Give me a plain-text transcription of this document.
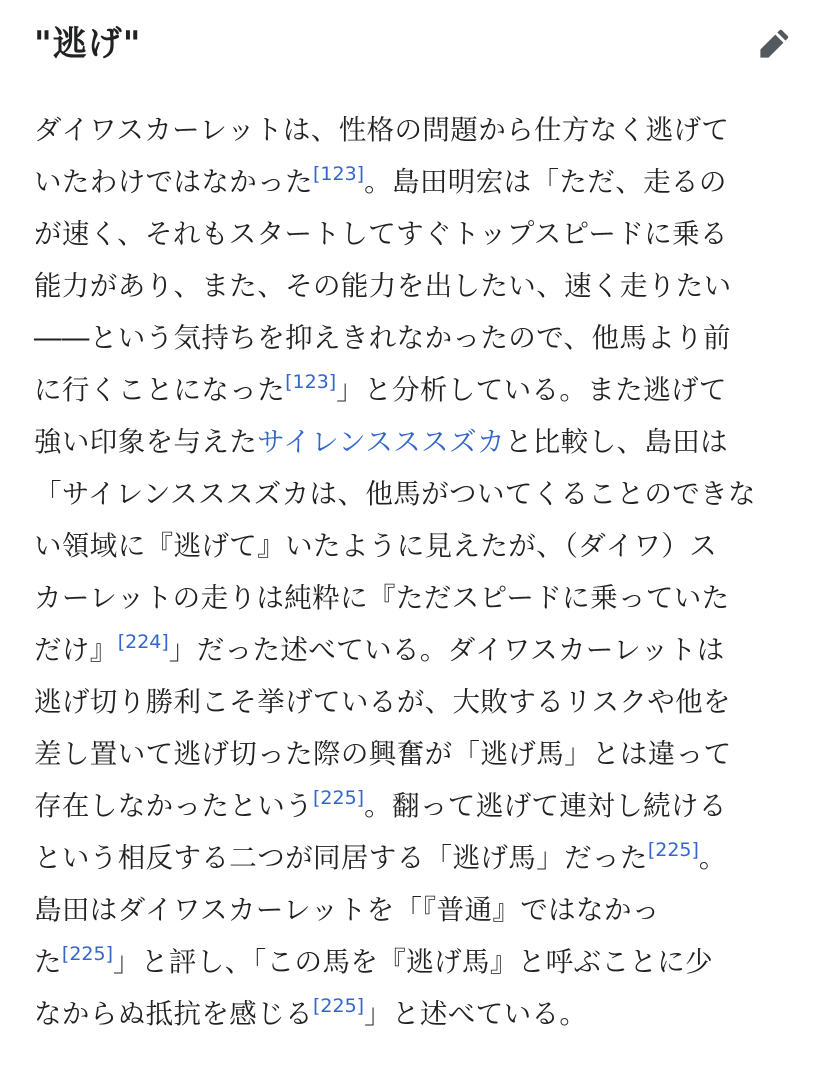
"逃げ"
ダイワスカーレットは、性格の問題から仕方なく逃げて
いたわけではなかった[123]。島田明宏は「ただ、走るの
が速く、それもスタートしてすぐトップスピードに乗る
能力があり、また、その能力を出したい、速く走りたい
――という気持ちを抑えきれなかったので、他馬より前
に行くことになった[123]」と分析している。また逃げて
強い印象を与えたサイレンスススズカと比較し、島田は
「サイレンスススズカは、他馬がついてくることのできな
い領域に『逃げて』いたように見えたが、（ダイワ）ス
カーレットの走りは純粋に『ただスピードに乗っていた
だけ』[224]」だった述べている。ダイワスカーレットは
逃げ切り勝利こそ挙げているが、大敗するリスクや他を
差し置いて逃げ切った際の興奮が「逃げ馬」とは違って
存在しなかったという[225]。翻って逃げて連対し続ける
という相反する二つが同居する「逃げ馬」だった[225]。
島田はダイワスカーレットを「『普通』ではなかっ
た[225]」と評し、「この馬を『逃げ馬』と呼ぶことに少
なからぬ抵抗を感じる[225]」と述べている。
